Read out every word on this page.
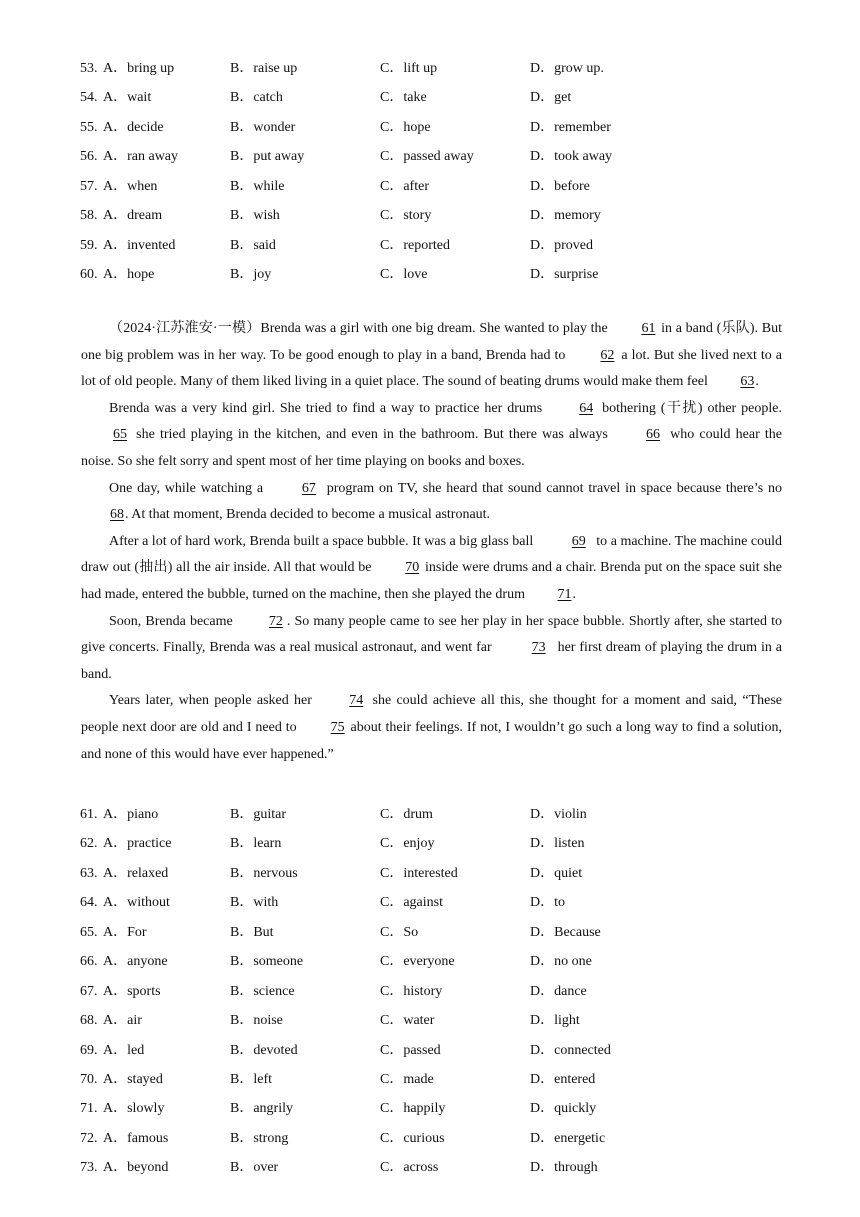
53. A．bring up	B．raise up	C．lift up	D．grow up.
54. A．wait	B．catch	C．take	D．get
55. A．decide	B．wonder	C．hope	D．remember
56. A．ran away	B．put away	C．passed away	D．took away
57. A．when	B．while	C．after	D．before
58. A．dream	B．wish	C．story	D．memory
59. A．invented	B．said	C．reported	D．proved
60. A．hope	B．joy	C．love	D．surprise

（2024·江苏淮安·一模）Brenda was a girl with one big dream. She wanted to play the 61 in a band (乐队). But one big problem was in her way. To be good enough to play in a band, Brenda had to 62 a lot. But she lived next to a lot of old people. Many of them liked living in a quiet place. The sound of beating drums would make them feel 63.

Brenda was a very kind girl. She tried to find a way to practice her drums 64 bothering (干扰) other people. 65 she tried playing in the kitchen, and even in the bathroom. But there was always 66 who could hear the noise. So she felt sorry and spent most of her time playing on books and boxes.

One day, while watching a 67 program on TV, she heard that sound cannot travel in space because there’s no 68. At that moment, Brenda decided to become a musical astronaut.

After a lot of hard work, Brenda built a space bubble. It was a big glass ball	69 to a machine. The machine could draw out (抽出) all the air inside. All that would be 70 inside were drums and a chair. Brenda put on the space suit she had made, entered the bubble, turned on the machine, then she played the drum 71.

Soon, Brenda became 72 . So many people came to see her play in her space bubble. Shortly after, she started to give concerts. Finally, Brenda was a real musical astronaut, and went far	73 her first dream of playing the drum in a band.

Years later, when people asked her 74 she could achieve all this, she thought for a moment and said, “These people next door are old and I need to 75 about their feelings. If not, I wouldn’t go such a long way to find a solution, and none of this would have ever happened.”

61. A．piano	B．guitar	C．drum	D．violin
62. A．practice	B．learn	C．enjoy	D．listen
63. A．relaxed	B．nervous	C．interested	D．quiet
64. A．without	B．with	C．against	D．to
65. A．For	B．But	C．So	D．Because
66. A．anyone	B．someone	C．everyone	D．no one
67. A．sports	B．science	C．history	D．dance
68. A．air	B．noise	C．water	D．light
69. A．led	B．devoted	C．passed	D．connected
70. A．stayed	B．left	C．made	D．entered
71. A．slowly	B．angrily	C．happily	D．quickly
72. A．famous	B．strong	C．curious	D．energetic
73. A．beyond	B．over	C．across	D．through
